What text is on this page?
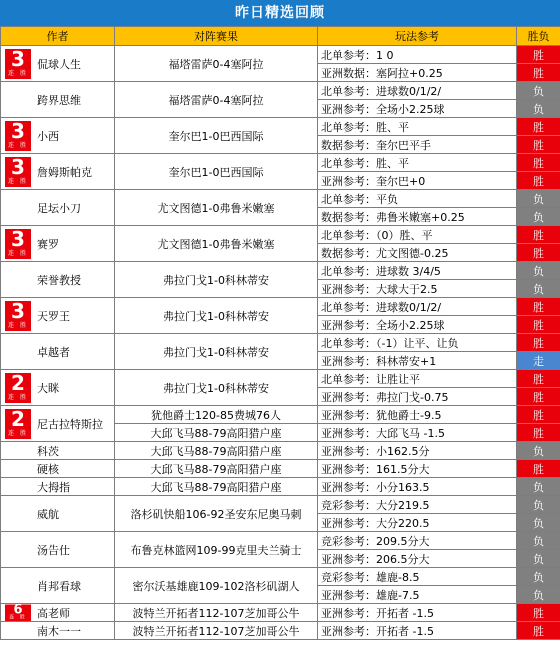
昨日精选回顾
作者	对阵赛果	玩法参考	胜负

3
连 胜
侃球人生	福塔雷萨0-4塞阿拉	北单参考：1 0	胜
		亚洲数据：塞阿拉+0.25	胜
跨界思维	福塔雷萨0-4塞阿拉	北单参考：进球数0/1/2/	负
		亚洲参考：全场小2.25球	负

3
连 胜
小西	奎尔巴1-0巴西国际	北单参考：胜、平	胜
		数据参考：奎尔巴平手	胜

3
连 胜
詹姆斯帕克	奎尔巴1-0巴西国际	北单参考：胜、平	胜
		亚洲参考：奎尔巴+0	胜
足坛小刀	尤文图德1-0弗鲁米嫩塞	北单参考：平负	负
		数据参考：弗鲁米嫩塞+0.25	负

3
连 胜
赛罗	尤文图德1-0弗鲁米嫩塞	北单参考：（0）胜、平	胜
		数据参考：尤文图德-0.25	胜
荣誉教授	弗拉门戈1-0科林蒂安	北单参考：进球数 3/4/5	负
		亚洲参考：大球大于2.5	负

3
连 胜
天罗王	弗拉门戈1-0科林蒂安	北单参考：进球数0/1/2/	胜
		亚洲参考：全场小2.25球	胜
卓越者	弗拉门戈1-0科林蒂安	北单参考：（-1）让平、让负	胜
		亚洲参考：科林蒂安+1	走

2
连 胜
大眯	弗拉门戈1-0科林蒂安	北单参考：让胜让平	胜
		亚洲参考：弗拉门戈-0.75	胜

2
连 胜
尼古拉特斯拉	犹他爵士120-85费城76人	亚洲参考：犹他爵士-9.5	胜
	大邱飞马88-79高阳猎户座	亚洲参考：大邱飞马 -1.5	胜
科茨	大邱飞马88-79高阳猎户座	亚洲参考：小162.5分	负
硬核	大邱飞马88-79高阳猎户座	亚洲参考：161.5分大	胜
大拇指	大邱飞马88-79高阳猎户座	亚洲参考：小分163.5	负
威航	洛杉矶快船106-92圣安东尼奥马刺	竞彩参考：大分219.5	负
		亚洲参考：大分220.5	负
汤告仕	布鲁克林篮网109-99克里夫兰骑士	竞彩参考：209.5分大	负
		亚洲参考：206.5分大	负
肖邦看球	密尔沃基雄鹿109-102洛杉矶湖人	竞彩参考：雄鹿-8.5	负
		亚洲参考：雄鹿-7.5	负

6
连 胜 高老师	波特兰开拓者112-107芝加哥公牛	亚洲参考：开拓者 -1.5	胜
南木一一	波特兰开拓者112-107芝加哥公牛	亚洲参考：开拓者 -1.5	胜
